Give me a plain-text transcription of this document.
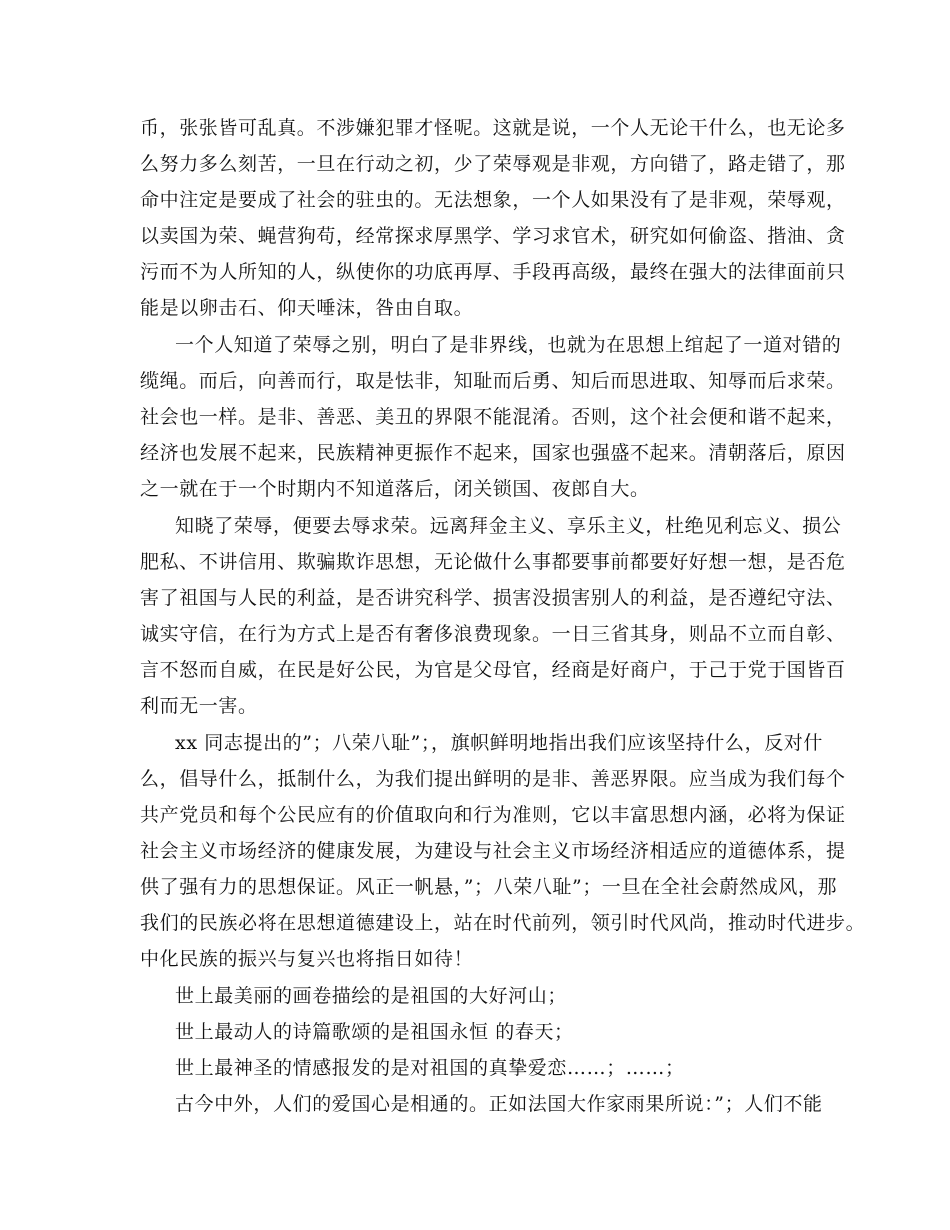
币，张张皆可乱真。不涉嫌犯罪才怪呢。这就是说，一个人无论干什么，也无论多
么努力多么刻苦，一旦在行动之初，少了荣辱观是非观，方向错了，路走错了，那
命中注定是要成了社会的驻虫的。无法想象，一个人如果没有了是非观，荣辱观，
以卖国为荣、蝇营狗苟，经常探求厚黑学、学习求官术，研究如何偷盗、揩油、贪
污而不为人所知的人，纵使你的功底再厚、手段再高级，最终在强大的法律面前只
能是以卵击石、仰天唾沫，咎由自取。
一个人知道了荣辱之别，明白了是非界线，也就为在思想上绾起了一道对错的
缆绳。而后，向善而行，取是怯非，知耻而后勇、知后而思进取、知辱而后求荣。
社会也一样。是非、善恶、美丑的界限不能混淆。否则，这个社会便和谐不起来，
经济也发展不起来，民族精神更振作不起来，国家也强盛不起来。清朝落后，原因
之一就在于一个时期内不知道落后，闭关锁国、夜郎自大。
知晓了荣辱，便要去辱求荣。远离拜金主义、享乐主义，杜绝见利忘义、损公
肥私、不讲信用、欺骗欺诈思想，无论做什么事都要事前都要好好想一想，是否危
害了祖国与人民的利益，是否讲究科学、损害没损害别人的利益，是否遵纪守法、
诚实守信，在行为方式上是否有奢侈浪费现象。一日三省其身，则品不立而自彰、
言不怒而自威，在民是好公民，为官是父母官，经商是好商户，于己于党于国皆百
利而无一害。
xx 同志提出的”；八荣八耻”；，旗帜鲜明地指出我们应该坚持什么，反对什
么，倡导什么，抵制什么，为我们提出鲜明的是非、善恶界限。应当成为我们每个
共产党员和每个公民应有的价值取向和行为准则，它以丰富思想内涵，必将为保证
社会主义市场经济的健康发展，为建设与社会主义市场经济相适应的道德体系，提
供了强有力的思想保证。风正一帆悬，”；八荣八耻”；一旦在全社会蔚然成风，那
我们的民族必将在思想道德建设上，站在时代前列，领引时代风尚，推动时代进步。
中化民族的振兴与复兴也将指日如待！
世上最美丽的画卷描绘的是祖国的大好河山；
世上最动人的诗篇歌颂的是祖国永恒 的春天；
世上最神圣的情感报发的是对祖国的真挚爱恋……；……；
古今中外，人们的爱国心是相通的。正如法国大作家雨果所说：”；人们不能
